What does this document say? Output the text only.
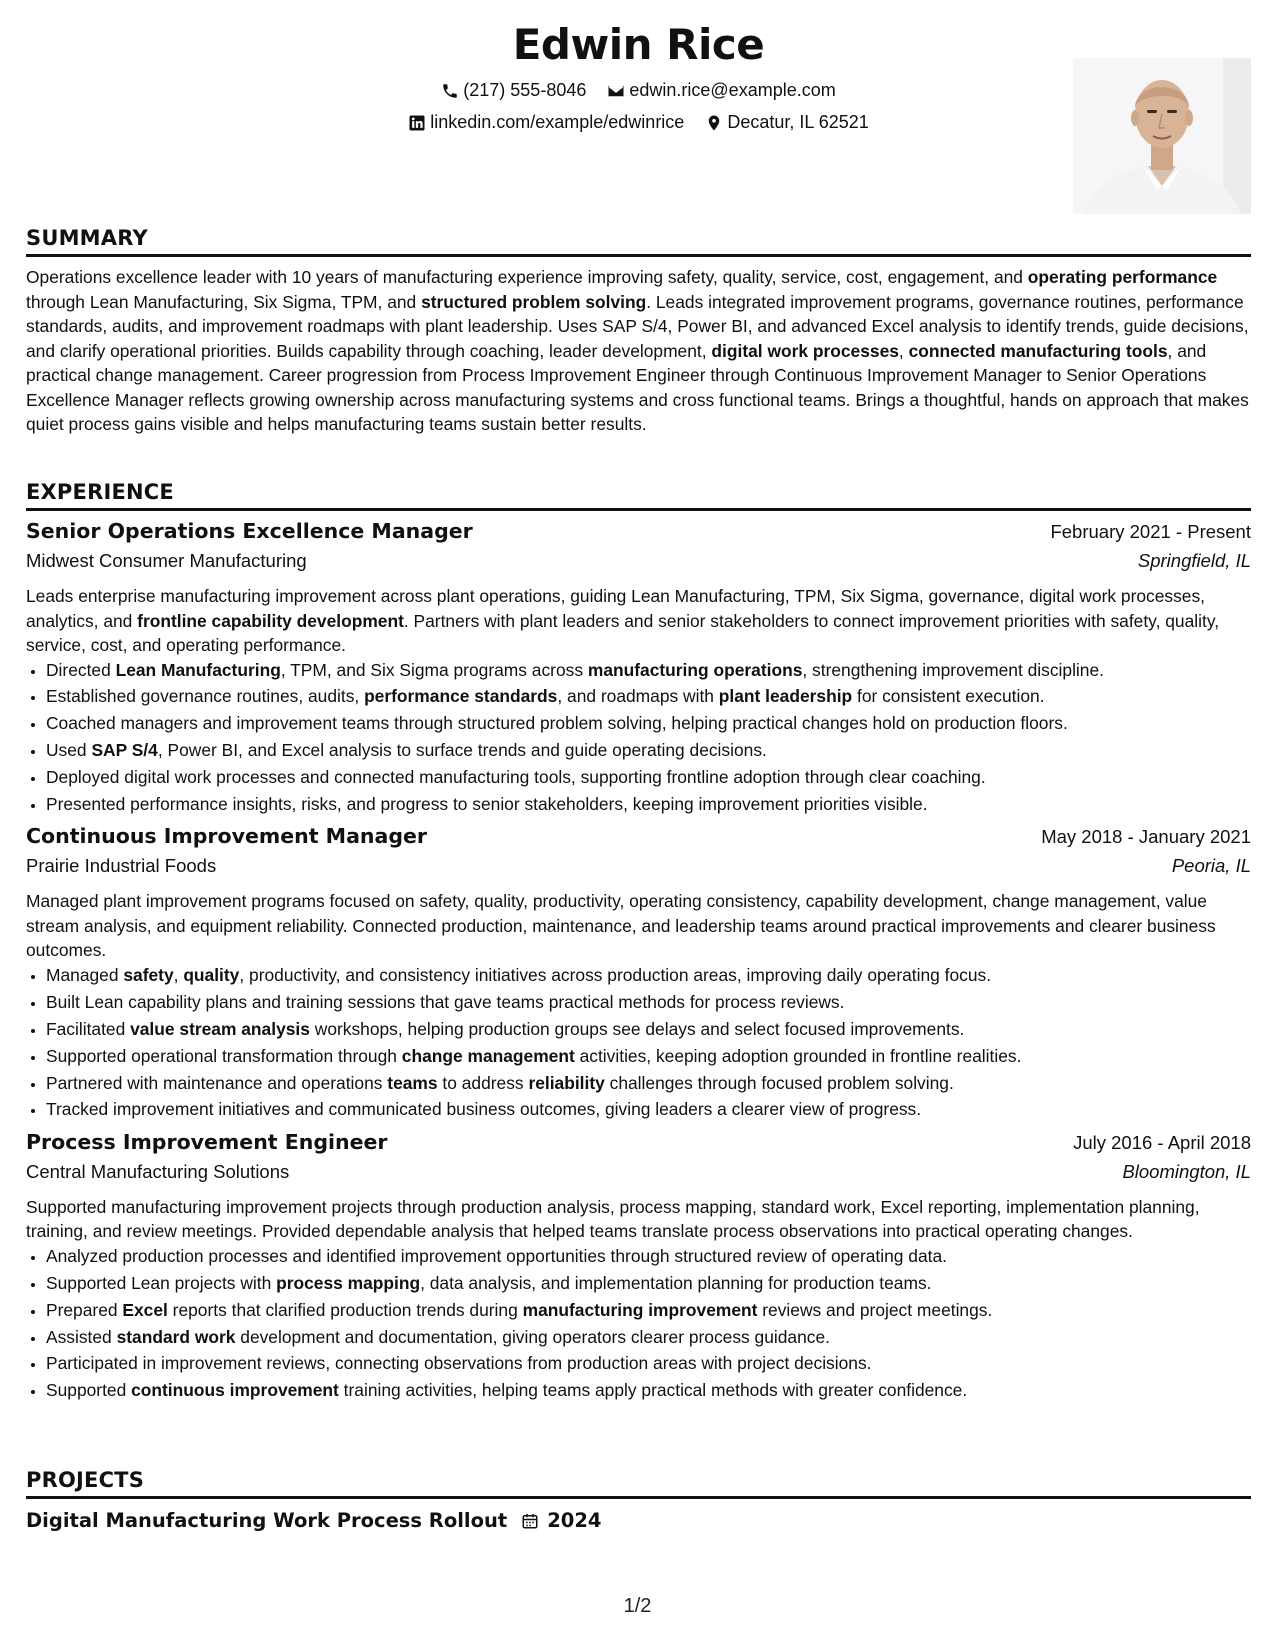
Edwin Rice
(217) 555-8046
edwin.rice@example.com
linkedin.com/example/edwinrice
Decatur, IL 62521
SUMMARY

Operations excellence leader with 10 years of manufacturing experience improving safety, quality, service, cost, engagement, and operating performance through Lean Manufacturing, Six Sigma, TPM, and structured problem solving. Leads integrated improvement programs, governance routines, performance standards, audits, and improvement roadmaps with plant leadership. Uses SAP S/4, Power BI, and advanced Excel analysis to identify trends, guide decisions, and clarify operational priorities. Builds capability through coaching, leader development, digital work processes, connected manufacturing tools, and practical change management. Career progression from Process Improvement Engineer through Continuous Improvement Manager to Senior Operations Excellence Manager reflects growing ownership across manufacturing systems and cross functional teams. Brings a thoughtful, hands on approach that makes quiet process gains visible and helps manufacturing teams sustain better results.

EXPERIENCE
Senior Operations Excellence Manager	February 2021 - Present
Midwest Consumer Manufacturing	Springfield, IL

Leads enterprise manufacturing improvement across plant operations, guiding Lean Manufacturing, TPM, Six Sigma, governance, digital work processes, analytics, and frontline capability development. Partners with plant leaders and senior stakeholders to connect improvement priorities with safety, quality, service, cost, and operating performance.

• Directed Lean Manufacturing, TPM, and Six Sigma programs across manufacturing operations, strengthening improvement discipline.
• Established governance routines, audits, performance standards, and roadmaps with plant leadership for consistent execution.
• Coached managers and improvement teams through structured problem solving, helping practical changes hold on production floors.
• Used SAP S/4, Power BI, and Excel analysis to surface trends and guide operating decisions.
• Deployed digital work processes and connected manufacturing tools, supporting frontline adoption through clear coaching.
• Presented performance insights, risks, and progress to senior stakeholders, keeping improvement priorities visible.
Continuous Improvement Manager	May 2018 - January 2021
Prairie Industrial Foods	Peoria, IL

Managed plant improvement programs focused on safety, quality, productivity, operating consistency, capability development, change management, value stream analysis, and equipment reliability. Connected production, maintenance, and leadership teams around practical improvements and clearer business outcomes.

• Managed safety, quality, productivity, and consistency initiatives across production areas, improving daily operating focus.
• Built Lean capability plans and training sessions that gave teams practical methods for process reviews.
• Facilitated value stream analysis workshops, helping production groups see delays and select focused improvements.
• Supported operational transformation through change management activities, keeping adoption grounded in frontline realities.
• Partnered with maintenance and operations teams to address reliability challenges through focused problem solving.
• Tracked improvement initiatives and communicated business outcomes, giving leaders a clearer view of progress.
Process Improvement Engineer	July 2016 - April 2018
Central Manufacturing Solutions	Bloomington, IL

Supported manufacturing improvement projects through production analysis, process mapping, standard work, Excel reporting, implementation planning, training, and review meetings. Provided dependable analysis that helped teams translate process observations into practical operating changes.

• Analyzed production processes and identified improvement opportunities through structured review of operating data.
• Supported Lean projects with process mapping, data analysis, and implementation planning for production teams.
• Prepared Excel reports that clarified production trends during manufacturing improvement reviews and project meetings.
• Assisted standard work development and documentation, giving operators clearer process guidance.
• Participated in improvement reviews, connecting observations from production areas with project decisions.
• Supported continuous improvement training activities, helping teams apply practical methods with greater confidence.
PROJECTS
Digital Manufacturing Work Process Rollout 2024
1/2
